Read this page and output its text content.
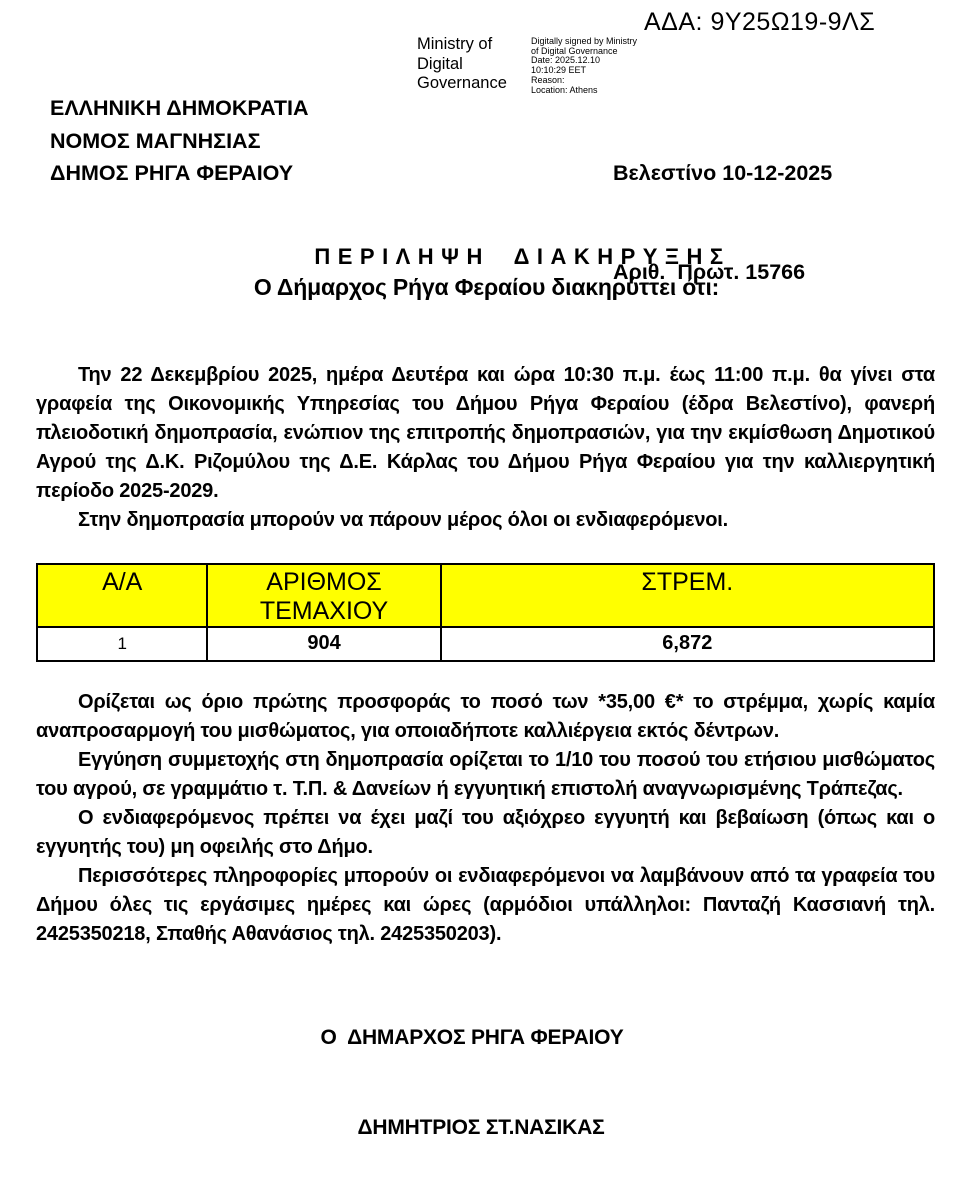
ΑΔΑ: 9Υ25Ω19-9ΛΣ
Ministry of Digital Governance
Digitally signed by Ministry
of Digital Governance
Date: 2025.12.10
10:10:29 EET
Reason:
Location: Athens
ΕΛΛΗΝΙΚΗ ΔΗΜΟΚΡΑΤΙΑ
ΝΟΜΟΣ ΜΑΓΝΗΣΙΑΣ
ΔΗΜΟΣ ΡΗΓΑ ΦΕΡΑΙΟΥ

	Βελεστίνο 10-12-2025

Αριθ.  Πρωτ. 15766

ΠΕΡΙΛΗΨΗ ΔΙΑΚΗΡΥΞΗΣ
Ο Δήμαρχος Ρήγα Φεραίου διακηρύττει ότι:

Την 22 Δεκεμβρίου 2025, ημέρα Δευτέρα και ώρα 10:30 π.μ. έως 11:00 π.μ. θα γίνει στα γραφεία της Οικονομικής Υπηρεσίας του Δήμου Ρήγα Φεραίου (έδρα Βελεστίνο), φανερή πλειοδοτική δημοπρασία, ενώπιον της επιτροπής δημοπρασιών, για την εκμίσθωση Δημοτικού Αγρού της Δ.Κ. Ριζομύλου της Δ.Ε. Κάρλας του Δήμου Ρήγα Φεραίου για την καλλιεργητική περίοδο 2025-2029.

Στην δημοπρασία μπορούν να πάρουν μέρος όλοι οι ενδιαφερόμενοι.

Α/Α	ΑΡΙΘΜΟΣ ΤΕΜΑΧΙΟΥ	ΣΤΡΕΜ.
1	904	6,872

Ορίζεται ως όριο πρώτης προσφοράς το ποσό των *35,00 €* το στρέμμα, χωρίς καμία αναπροσαρμογή του μισθώματος, για οποιαδήποτε καλλιέργεια εκτός δέντρων.

Εγγύηση συμμετοχής στη δημοπρασία ορίζεται το 1/10 του ποσού του ετήσιου μισθώματος του αγρού, σε γραμμάτιο τ. Τ.Π. & Δανείων ή εγγυητική επιστολή αναγνωρισμένης Τράπεζας.

Ο ενδιαφερόμενος πρέπει να έχει μαζί του αξιόχρεο εγγυητή και βεβαίωση (όπως και ο εγγυητής του) μη οφειλής στο Δήμο.

Περισσότερες πληροφορίες μπορούν οι ενδιαφερόμενοι να λαμβάνουν από τα γραφεία του Δήμου όλες τις εργάσιμες ημέρες και ώρες (αρμόδιοι υπάλληλοι: Πανταζή Κασσιανή τηλ. 2425350218, Σπαθής Αθανάσιος τηλ. 2425350203).

Ο  ΔΗΜΑΡΧΟΣ ΡΗΓΑ ΦΕΡΑΙΟΥ
ΔΗΜΗΤΡΙΟΣ ΣΤ.ΝΑΣΙΚΑΣ
